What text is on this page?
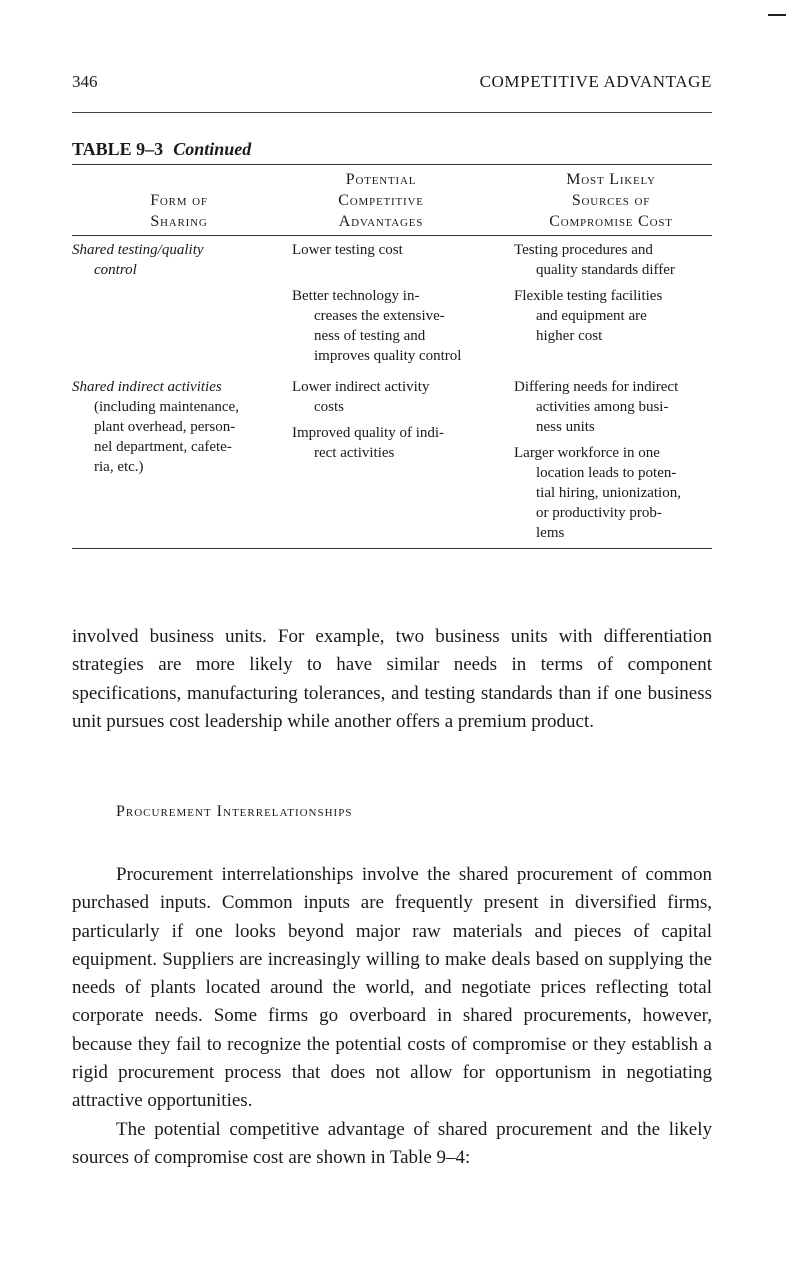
346	COMPETITIVE ADVANTAGE
TABLE 9–3 Continued
Form of
Sharing
Potential
Competitive
Advantages
Most Likely
Sources of
Compromise Cost
Shared testing/quality
control
Lower testing cost
Better technology in-
creases the extensive-
ness of testing and
improves quality control
Testing procedures and
quality standards differ
Flexible testing facilities
and equipment are
higher cost
Shared indirect activities
(including maintenance,
plant overhead, person-
nel department, cafete-
ria, etc.)
Lower indirect activity
costs
Improved quality of indi-
rect activities
Differing needs for indirect
activities among busi-
ness units
Larger workforce in one
location leads to poten-
tial hiring, unionization,
or productivity prob-
lems

involved business units. For example, two business units with differentiation strategies are more likely to have similar needs in terms of component specifications, manufacturing tolerances, and testing standards than if one business unit pursues cost leadership while another offers a premium product.

Procurement Interrelationships

Procurement interrelationships involve the shared procurement of common purchased inputs. Common inputs are frequently present in diversified firms, particularly if one looks beyond major raw materials and pieces of capital equipment. Suppliers are increasingly willing to make deals based on supplying the needs of plants located around the world, and negotiate prices reflecting total corporate needs. Some firms go overboard in shared procurements, however, because they fail to recognize the potential costs of compromise or they establish a rigid procurement process that does not allow for opportunism in negotiating attractive opportunities.

The potential competitive advantage of shared procurement and the likely sources of compromise cost are shown in Table 9–4:
